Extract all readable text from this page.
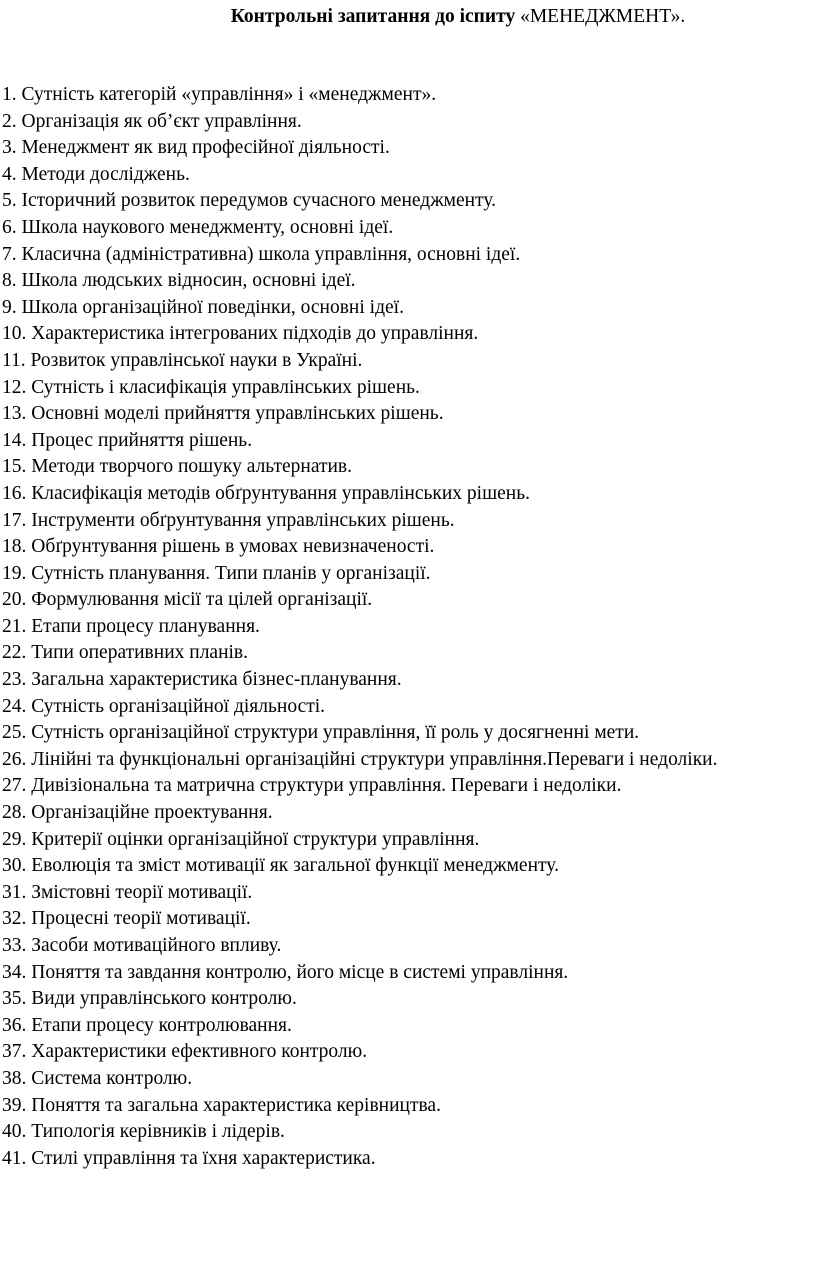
Контрольні запитання до іспиту «МЕНЕДЖМЕНТ».
1. Сутність категорій «управління» і «менеджмент».
2. Організація як об’єкт управління.
3. Менеджмент як вид професійної діяльності.
4. Методи досліджень.
5. Історичний розвиток передумов сучасного менеджменту.
6. Школа наукового менеджменту, основні ідеї.
7. Класична (адміністративна) школа управління, основні ідеї.
8. Школа людських відносин, основні ідеї.
9. Школа організаційної поведінки, основні ідеї.
10. Характеристика інтегрованих підходів до управління.
11. Розвиток управлінської науки в Україні.
12. Сутність і класифікація управлінських рішень.
13. Основні моделі прийняття управлінських рішень.
14. Процес прийняття рішень.
15. Методи творчого пошуку альтернатив.
16. Класифікація методів обґрунтування управлінських рішень.
17. Інструменти обґрунтування управлінських рішень.
18. Обґрунтування рішень в умовах невизначеності.
19. Сутність планування. Типи планів у організації.
20. Формулювання місії та цілей організації.
21. Етапи процесу планування.
22. Типи оперативних планів.
23. Загальна характеристика бізнес-планування.
24. Сутність організаційної діяльності.
25. Сутність організаційної структури управління, її роль у досягненні мети.
26. Лінійні та функціональні організаційні структури управління.Переваги і недоліки.
27. Дивізіональна та матрична структури управління. Переваги і недоліки.
28. Організаційне проектування.
29. Критерії оцінки організаційної структури управління.
30. Еволюція та зміст мотивації як загальної функції менеджменту.
31. Змістовні теорії мотивації.
32. Процесні теорії мотивації.
33. Засоби мотиваційного впливу.
34. Поняття та завдання контролю, його місце в системі управління.
35. Види управлінського контролю.
36. Етапи процесу контролювання.
37. Характеристики ефективного контролю.
38. Система контролю.
39. Поняття та загальна характеристика керівництва.
40. Типологія керівників і лідерів.
41. Стилі управління та їхня характеристика.
